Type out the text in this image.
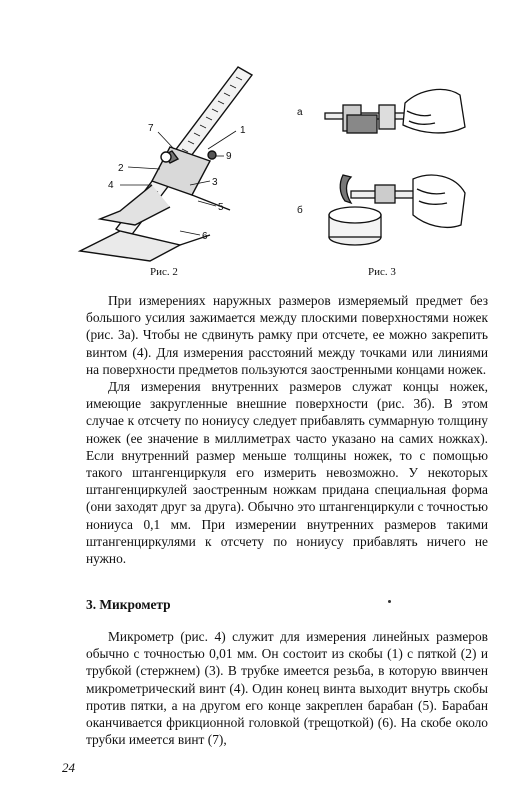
7	1
2
9
4	3
5
6
Рис. 2
а
б
Рис. 3

При измерениях наружных размеров измеряемый предмет без большого усилия зажимается между плоскими поверхностями ножек (рис. 3а). Чтобы не сдвинуть рамку при отсчете, ее можно закрепить винтом (4). Для измерения расстояний между точками или линиями на поверхности предметов пользуются заостренными концами ножек.

Для измерения внутренних размеров служат концы ножек, имеющие закругленные внешние поверхности (рис. 3б). В этом случае к отсчету по нониусу следует прибавлять суммарную толщину ножек (ее значение в миллиметрах часто указано на самих ножках). Если внутренний размер меньше толщины ножек, то с помощью такого штангенциркуля его измерить невозможно. У некоторых штангенциркулей заостренным ножкам придана специальная форма (они заходят друг за друга). Обычно это штангенциркули с точностью нониуса 0,1 мм. При измерении внутренних размеров такими штангенциркулями к отсчету по нониусу прибавлять ничего не нужно.

3. Микрометр

Микрометр (рис. 4) служит для измерения линейных размеров обычно с точностью 0,01 мм. Он состоит из скобы (1) с пяткой (2) и трубкой (стержнем) (3). В трубке имеется резьба, в которую ввинчен микрометрический винт (4). Один конец винта выходит внутрь скобы против пятки, а на другом его конце закреплен барабан (5). Барабан оканчивается фрикционной головкой (трещоткой) (6). На скобе около трубки имеется винт (7),

24
